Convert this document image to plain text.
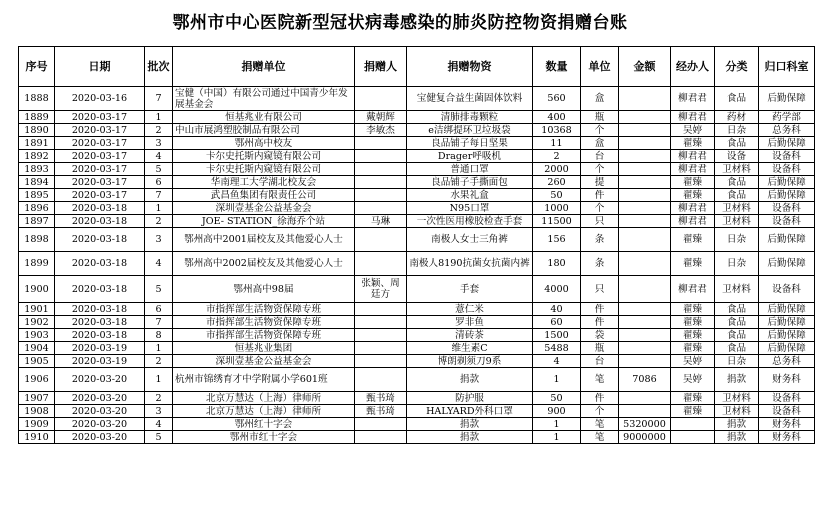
鄂州市中心医院新型冠状病毒感染的肺炎防控物资捐赠台账
序号	日期	批次	捐赠单位	捐赠人	捐赠物资	数量	单位	金额	经办人	分类	归口科室
1888	2020-03-16	7	宝健（中国）有限公司通过中国青少年发展基金会		宝健复合益生菌固体饮料	560	盒		柳君君	食品	后勤保障
1889	2020-03-17	1	恒基兆业有限公司	戴朝辉	清肺排毒颗粒	400	瓶		柳君君	药材	药学部
1890	2020-03-17	2	中山市展鸿塑胶制品有限公司	李敏杰	e洁绑提环卫垃圾袋	10368	个		吴婷	日杂	总务科
1891	2020-03-17	3	鄂州高中校友		良品铺子每日坚果	11	盒		翟臻	食品	后勤保障
1892	2020-03-17	4	卡尔史托斯内窥镜有限公司		Drager呼吸机	2	台		柳君君	设备	设备科
1893	2020-03-17	5	卡尔史托斯内窥镜有限公司		普通口罩	2000	个		柳君君	卫材料	设备科
1894	2020-03-17	6	华南理工大学湖北校友会		良品铺子手撕面包	260	提		翟臻	食品	后勤保障
1895	2020-03-17	7	武昌鱼集团有限责任公司		水果礼盒	50	件		翟臻	食品	后勤保障
1896	2020-03-18	1	深圳壹基金公益基金会		N95口罩	1000	个		柳君君	卫材料	设备科
1897	2020-03-18	2	JOE- STATION_徐海乔个站	马琳	一次性医用橡胶检查手套	11500	只		柳君君	卫材料	设备科
1898	2020-03-18	3	鄂州高中2001届校友及其他爱心人士		南极人女士三角裤	156	条		翟臻	日杂	后勤保障
1899	2020-03-18	4	鄂州高中2002届校友及其他爱心人士		南极人8190抗菌女抗菌内裤	180	条		翟臻	日杂	后勤保障
1900	2020-03-18	5	鄂州高中98届	张颖、周廷方	手套	4000	只		柳君君	卫材料	设备科
1901	2020-03-18	6	市指挥部生活物资保障专班		薏仁米	40	件		翟臻	食品	后勤保障
1902	2020-03-18	7	市指挥部生活物资保障专班		罗非鱼	60	件		翟臻	食品	后勤保障
1903	2020-03-18	8	市指挥部生活物资保障专班		清砖茶	1500	袋		翟臻	食品	后勤保障
1904	2020-03-19	1	恒基兆业集团		维生素C	5488	瓶		翟臻	食品	后勤保障
1905	2020-03-19	2	深圳壹基金公益基金会		博朗剃须刀9系	4	台		吴婷	日杂	总务科
1906	2020-03-20	1	杭州市锦绣育才中学附属小学601班		捐款	1	笔	7086	吴婷	捐款	财务科
1907	2020-03-20	2	北京万慧达（上海）律师所	甄书琦	防护服	50	件		翟臻	卫材料	设备科
1908	2020-03-20	3	北京万慧达（上海）律师所	甄书琦	HALYARD外科口罩	900	个		翟臻	卫材料	设备科
1909	2020-03-20	4	鄂州红十字会		捐款	1	笔	5320000		捐款	财务科
1910	2020-03-20	5	鄂州市红十字会		捐款	1	笔	9000000		捐款	财务科
